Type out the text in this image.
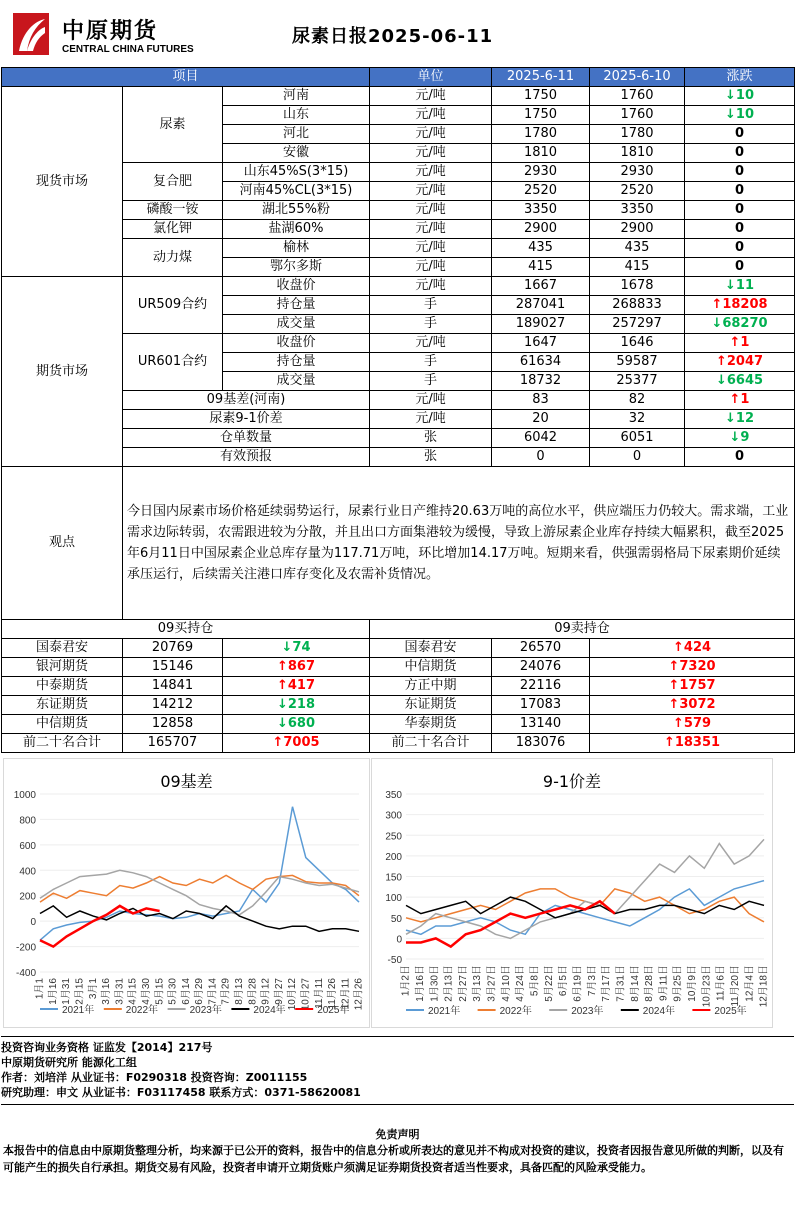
中原期货
CENTRAL CHINA FUTURES
尿素日报2025-06-11
项目			单位	2025-6-11	2025-6-10	涨跌
现货市场	尿素	河南	元/吨	1750	1760	↓10
		山东	元/吨	1750	1760	↓10
		河北	元/吨	1780	1780	0
		安徽	元/吨	1810	1810	0
	复合肥	山东45%S(3*15)	元/吨	2930	2930	0
		河南45%CL(3*15)	元/吨	2520	2520	0
	磷酸一铵	湖北55%粉	元/吨	3350	3350	0
	氯化钾	盐湖60%	元/吨	2900	2900	0
	动力煤	榆林	元/吨	435	435	0
		鄂尔多斯	元/吨	415	415	0
期货市场	UR509合约	收盘价	元/吨	1667	1678	↓11
		持仓量	手	287041	268833	↑18208
		成交量	手	189027	257297	↓68270
	UR601合约	收盘价	元/吨	1647	1646	↑1
		持仓量	手	61634	59587	↑2047
		成交量	手	18732	25377	↓6645
	09基差(河南)		元/吨	83	82	↑1
	尿素9-1价差		元/吨	20	32	↓12
	仓单数量		张	6042	6051	↓9
	有效预报		张	0	0	0
观点	今日国内尿素市场价格延续弱势运行，尿素行业日产维持20.63万吨的高位水平，供应端压力仍较大。需求端，工业需求边际转弱，农需跟进较为分散，并且出口方面集港较为缓慢，导致上游尿素企业库存持续大幅累积，截至2025年6月11日中国尿素企业总库存量为117.71万吨，环比增加14.17万吨。短期来看，供强需弱格局下尿素期价延续承压运行，后续需关注港口库存变化及农需补货情况。					
09买持仓			09卖持仓			
国泰君安	20769	↓74	国泰君安	26570	↑424	
银河期货	15146	↑867	中信期货	24076	↑7320	
中泰期货	14841	↑417	方正中期	22116	↑1757	
东证期货	14212	↓218	东证期货	17083	↑3072	
中信期货	12858	↓680	华泰期货	13140	↑579	
前二十名合计	165707	↑7005	前二十名合计	183076	↑18351	
09基差
-400
-200
0
200
400
600
800
1000
1月1 1月16 1月31 2月15 3月1 3月16 3月31 4月15 4月30 5月15 5月30 6月14 6月29 7月14 7月29 8月13 8月28 9月12 9月27 10月12 10月27 11月11 11月26 12月11 12月26
2021年	2022年	2023年	2024年	2025年
9-1价差
-50
0
50
100
150
200
250
300
350
1月2日 1月16日 1月30日 2月13日 2月27日 3月13日 3月27日 4月10日 4月24日 5月8日 5月22日 6月5日 6月19日 7月3日 7月17日 7月31日 8月14日 8月28日 9月11日 9月25日 10月9日 10月23日 11月6日 11月20日 12月4日 12月18日
2021年	2022年	2023年	2024年	2025年
投资咨询业务资格 证监发【2014】217号
中原期货研究所 能源化工组
作者：刘培洋 从业证书：F0290318 投资咨询：Z0011155
研究助理：申文 从业证书：F03117458 联系方式：0371-58620081
免责声明
本报告中的信息由中原期货整理分析，均来源于已公开的资料，报告中的信息分析或所表达的意见并不构成对投资的建议，投资者因报告意见所做的判断，以及有可能产生的损失自行承担。期货交易有风险，投资者申请开立期货账户须满足证券期货投资者适当性要求，具备匹配的风险承受能力。
